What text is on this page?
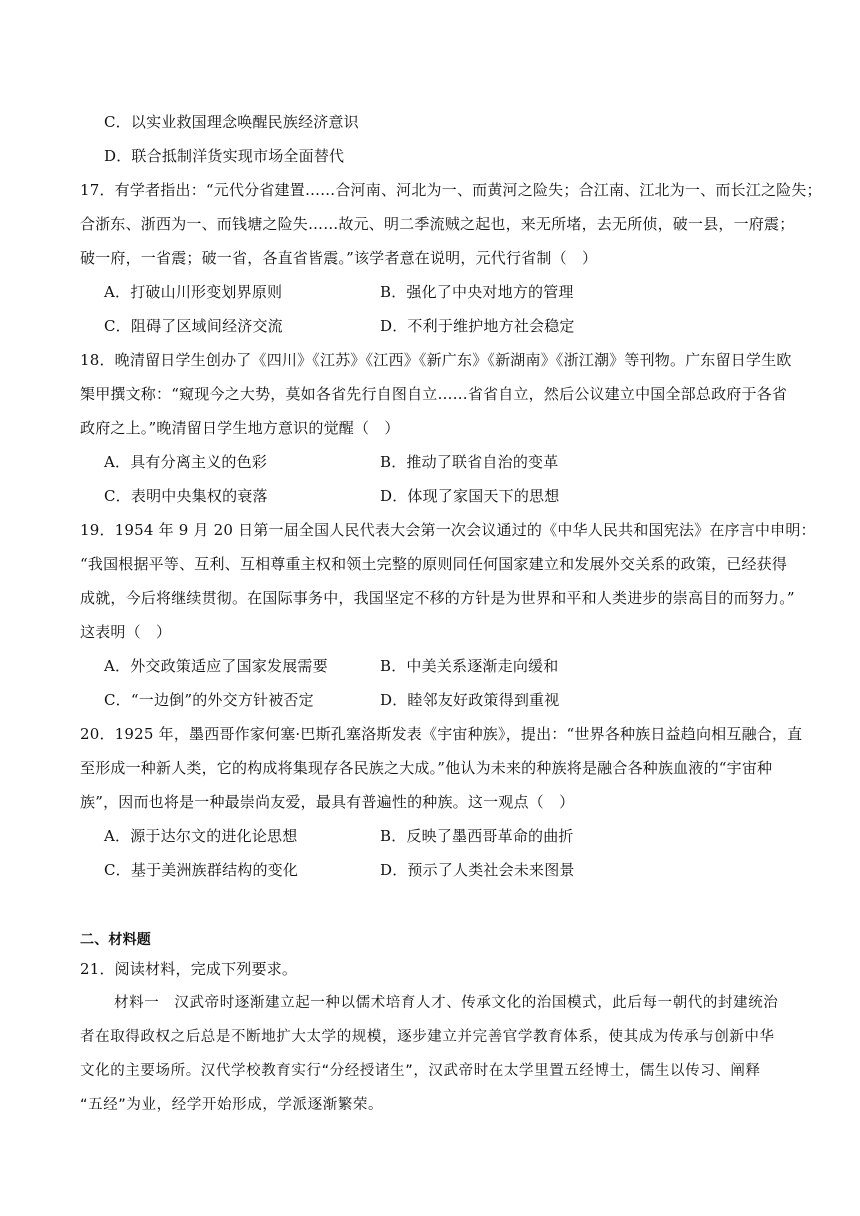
C．以实业救国理念唤醒民族经济意识
D．联合抵制洋货实现市场全面替代
17．有学者指出：“元代分省建置……合河南、河北为一、而黄河之险失；合江南、江北为一、而长江之险失；
合浙东、浙西为一、而钱塘之险失……故元、明二季流贼之起也，来无所堵，去无所侦，破一县，一府震；
破一府，一省震；破一省，各直省皆震。”该学者意在说明，元代行省制（　）
A．打破山川形变划界原则	B．强化了中央对地方的管理
C．阻碍了区域间经济交流	D．不利于维护地方社会稳定
18．晚清留日学生创办了《四川》《江苏》《江西》《新广东》《新湖南》《浙江潮》等刊物。广东留日学生欧
榘甲撰文称：“窥现今之大势，莫如各省先行自图自立……省省自立，然后公议建立中国全部总政府于各省
政府之上。”晚清留日学生地方意识的觉醒（　）
A．具有分离主义的色彩	B．推动了联省自治的变革
C．表明中央集权的衰落	D．体现了家国天下的思想
19．1954 年 9 月 20 日第一届全国人民代表大会第一次会议通过的《中华人民共和国宪法》在序言中申明：
“我国根据平等、互利、互相尊重主权和领土完整的原则同任何国家建立和发展外交关系的政策，已经获得
成就，今后将继续贯彻。在国际事务中，我国坚定不移的方针是为世界和平和人类进步的崇高目的而努力。”
这表明（　）
A．外交政策适应了国家发展需要	B．中美关系逐渐走向缓和
C．“一边倒”的外交方针被否定	D．睦邻友好政策得到重视
20．1925 年，墨西哥作家何塞·巴斯孔塞洛斯发表《宇宙种族》，提出：“世界各种族日益趋向相互融合，直
至形成一种新人类，它的构成将集现存各民族之大成。”他认为未来的种族将是融合各种族血液的“宇宙种
族”，因而也将是一种最崇尚友爱，最具有普遍性的种族。这一观点（　）
A．源于达尔文的进化论思想	B．反映了墨西哥革命的曲折
C．基于美洲族群结构的变化	D．预示了人类社会未来图景
二、材料题
21．阅读材料，完成下列要求。
材料一　汉武帝时逐渐建立起一种以儒术培育人才、传承文化的治国模式，此后每一朝代的封建统治
者在取得政权之后总是不断地扩大太学的规模，逐步建立并完善官学教育体系，使其成为传承与创新中华
文化的主要场所。汉代学校教育实行“分经授诸生”，汉武帝时在太学里置五经博士，儒生以传习、阐释
“五经”为业，经学开始形成，学派逐渐繁荣。
